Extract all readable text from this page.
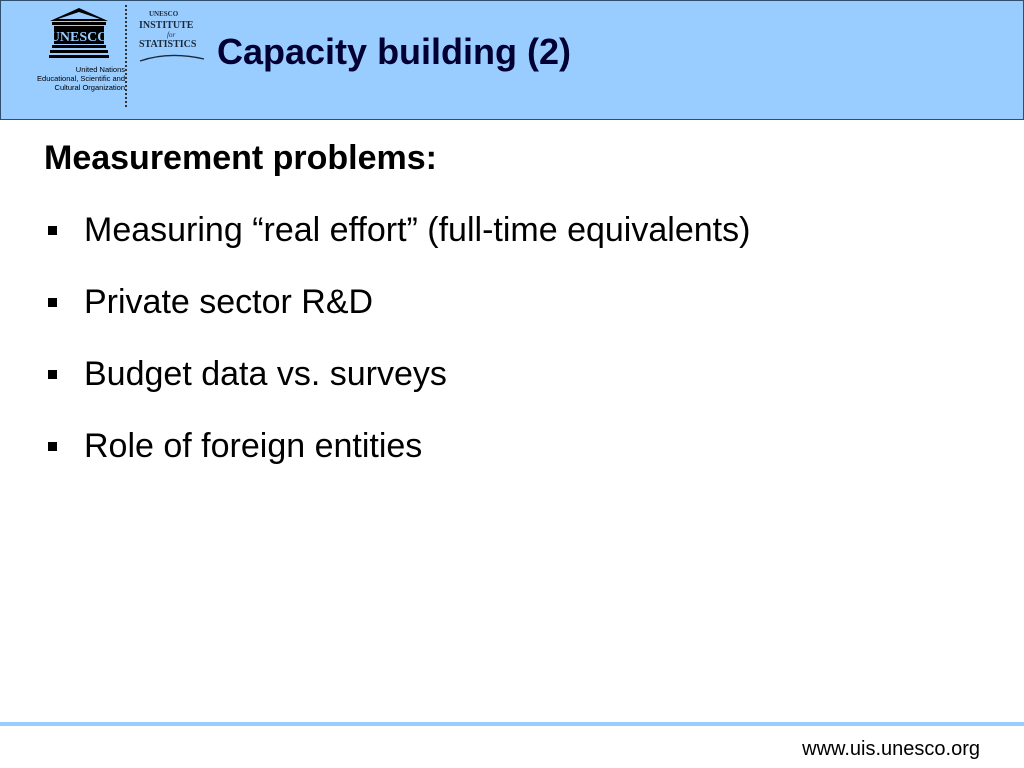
UNESCO
United Nations
Educational, Scientific and
Cultural Organization
UNESCO
INSTITUTE
for
STATISTICS Capacity building (2)
Measurement problems:
Measuring “real effort” (full-time equivalents)
Private sector R&D
Budget data vs. surveys
Role of foreign entities
www.uis.unesco.org
